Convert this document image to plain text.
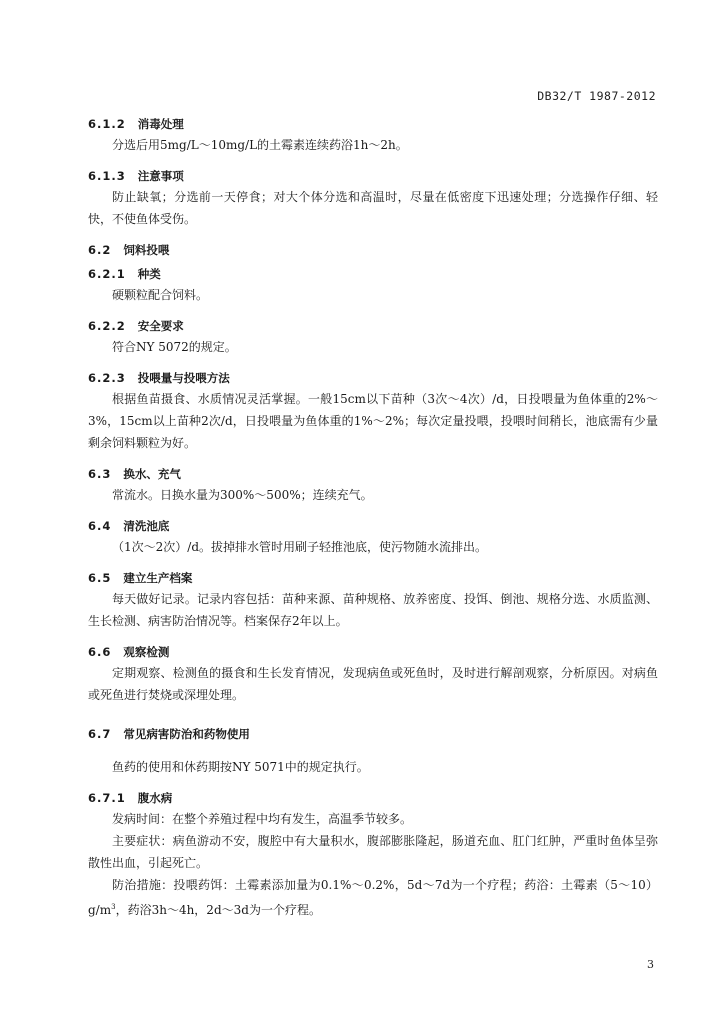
DB32/T 1987-2012
6.1.2 消毒处理

分选后用5mg/L～10mg/L的土霉素连续药浴1h～2h。

6.1.3 注意事项

防止缺氧；分选前一天停食；对大个体分选和高温时，尽量在低密度下迅速处理；分选操作仔细、轻快，不使鱼体受伤。

6.2 饲料投喂
6.2.1 种类

硬颗粒配合饲料。

6.2.2 安全要求

符合NY 5072的规定。

6.2.3 投喂量与投喂方法

根据鱼苗摄食、水质情况灵活掌握。一般15cm以下苗种（3次～4次）/d，日投喂量为鱼体重的2%～3%，15cm以上苗种2次/d，日投喂量为鱼体重的1%～2%；每次定量投喂，投喂时间稍长，池底需有少量剩余饲料颗粒为好。

6.3 换水、充气

常流水。日换水量为300%～500%；连续充气。

6.4 清洗池底

（1次～2次）/d。拔掉排水管时用刷子轻推池底，使污物随水流排出。

6.5 建立生产档案

每天做好记录。记录内容包括：苗种来源、苗种规格、放养密度、投饵、倒池、规格分选、水质监测、生长检测、病害防治情况等。档案保存2年以上。

6.6 观察检测

定期观察、检测鱼的摄食和生长发育情况，发现病鱼或死鱼时，及时进行解剖观察，分析原因。对病鱼或死鱼进行焚烧或深埋处理。

6.7 常见病害防治和药物使用

鱼药的使用和休药期按NY 5071中的规定执行。

6.7.1 腹水病

发病时间：在整个养殖过程中均有发生，高温季节较多。

主要症状：病鱼游动不安，腹腔中有大量积水，腹部膨胀隆起，肠道充血、肛门红肿，严重时鱼体呈弥散性出血，引起死亡。

防治措施：投喂药饵：土霉素添加量为0.1%～0.2%，5d～7d为一个疗程；药浴：土霉素$(5\sim 10)g/m^3$，药浴3h～4h，2d～3d为一个疗程。

3
